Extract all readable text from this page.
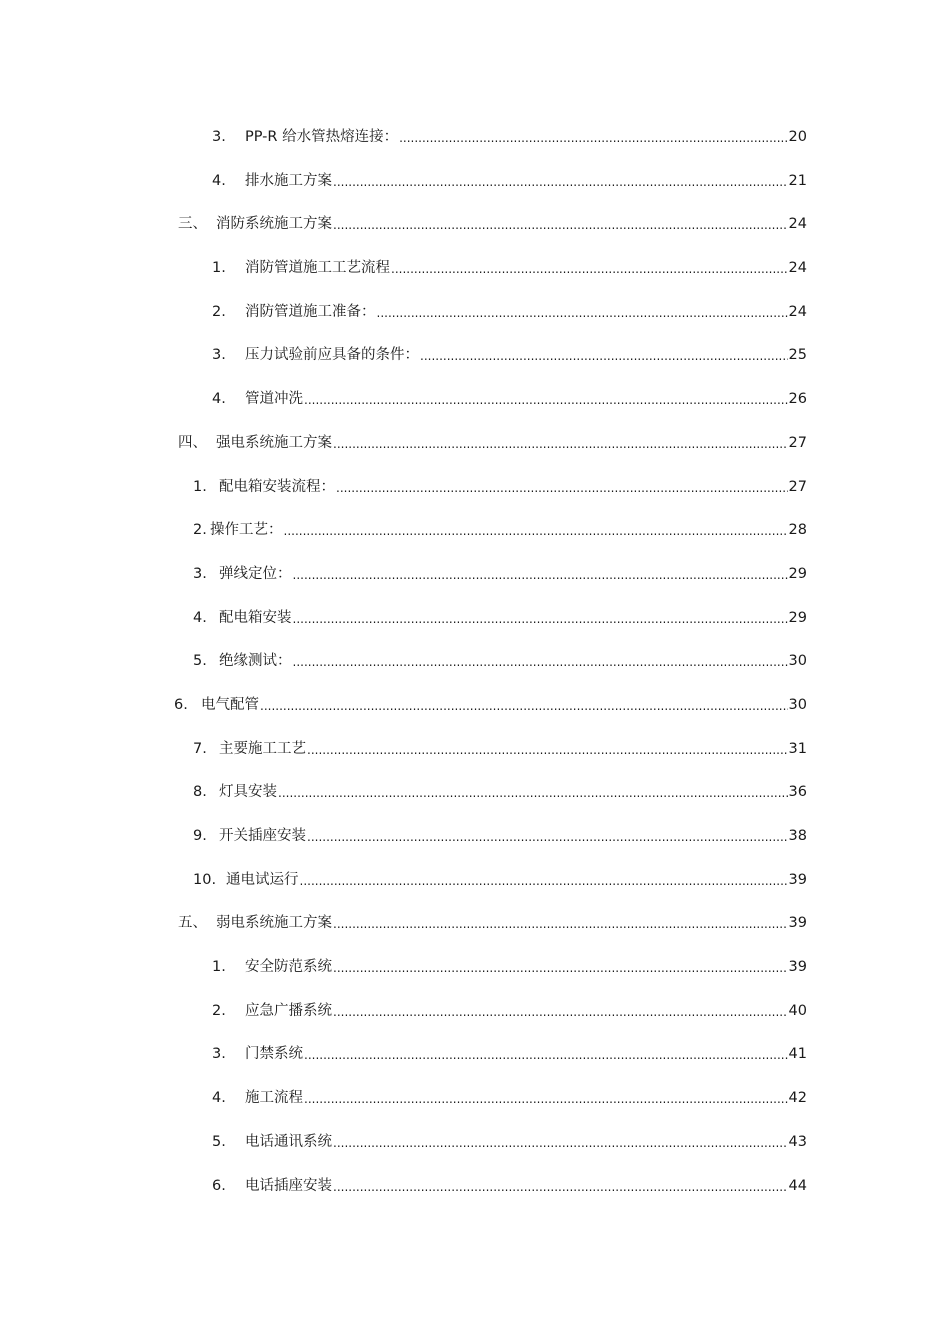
3.	PP-R 给水管热熔连接： .....	20
4.	排水施工方案 .....	21
三、 消防系统施工方案 .....	24
1.	消防管道施工工艺流程 .....	24
2.	消防管道施工准备： .....	24
3.	压力试验前应具备的条件： .....	25
4.	管道冲洗 .....	26
四、 强电系统施工方案 .....	27
1. 配电箱安装流程： .....	27
2. 操作工艺： .....	28
3. 弹线定位： .....	29
4. 配电箱安装 .....	29
5. 绝缘测试： .....	30
6. 电气配管 .....	30
7. 主要施工工艺 .....	31
8. 灯具安装 .....	36
9. 开关插座安装 .....	38
10. 通电试运行 .....	39
五、 弱电系统施工方案 .....	39
1.	安全防范系统 .....	39
2.	应急广播系统 .....	40
3.	门禁系统 .....	41
4.	施工流程 .....	42
5.	电话通讯系统 .....	43
6.	电话插座安装 .....	44
